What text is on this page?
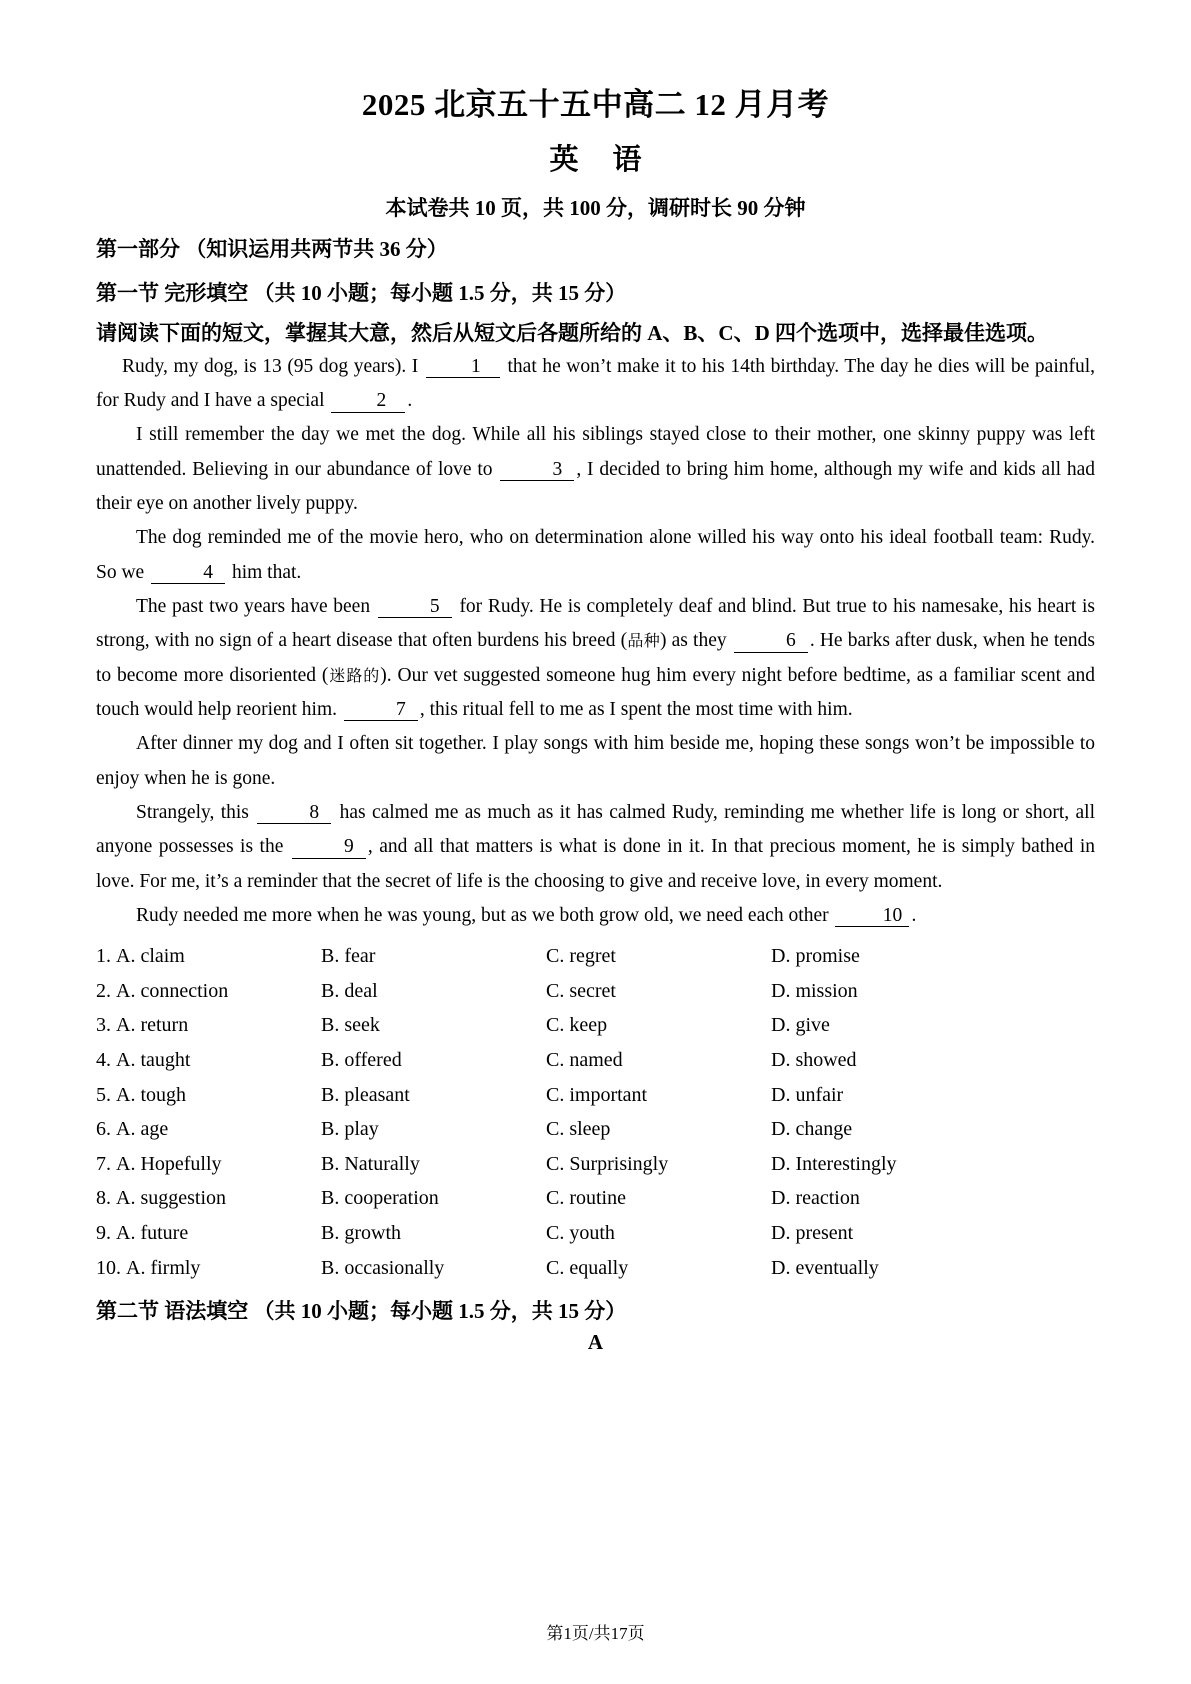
2025 北京五十五中高二 12 月月考
英 语
本试卷共 10 页，共 100 分，调研时长 90 分钟
第一部分 （知识运用共两节共 36 分）
第一节 完形填空 （共 10 小题；每小题 1.5 分，共 15 分）
请阅读下面的短文，掌握其大意，然后从短文后各题所给的 A、B、C、D 四个选项中，选择最佳选项。

Rudy, my dog, is 13 (95 dog years). I	1 that he won’t make it to his 14th birthday. The day he dies will be painful, for Rudy and I have a special	2 .

I still remember the day we met the dog. While all his siblings stayed close to their mother, one skinny puppy was left unattended. Believing in our abundance of love to	3 , I decided to bring him home, although my wife and kids all had their eye on another lively puppy.

The dog reminded me of the movie hero, who on determination alone willed his way onto his ideal football team: Rudy. So we	4 him that.

The past two years have been	5 for Rudy. He is completely deaf and blind. But true to his namesake, his heart is strong, with no sign of a heart disease that often burdens his breed (品种) as they	6 . He barks after dusk, when he tends to become more disoriented (迷路的). Our vet suggested someone hug him every night before bedtime, as a familiar scent and touch would help reorient him.	7 , this ritual fell to me as I spent the most time with him.

After dinner my dog and I often sit together. I play songs with him beside me, hoping these songs won’t be impossible to enjoy when he is gone.

Strangely, this	8 has calmed me as much as it has calmed Rudy, reminding me whether life is long or short, all anyone possesses is the	9 , and all that matters is what is done in it. In that precious moment, he is simply bathed in love. For me, it’s a reminder that the secret of life is the choosing to give and receive love, in every moment.

Rudy needed me more when he was young, but as we both grow old, we need each other	10 .

1. A. claim	B. fear	C. regret	D. promise
2. A. connection	B. deal	C. secret	D. mission
3. A. return	B. seek	C. keep	D. give
4. A. taught	B. offered	C. named	D. showed
5. A. tough	B. pleasant	C. important	D. unfair
6. A. age	B. play	C. sleep	D. change
7. A. Hopefully	B. Naturally	C. Surprisingly	D. Interestingly
8. A. suggestion	B. cooperation	C. routine	D. reaction
9. A. future	B. growth	C. youth	D. present
10. A. firmly	B. occasionally	C. equally	D. eventually
第二节 语法填空 （共 10 小题；每小题 1.5 分，共 15 分）
A
第1页/共17页
